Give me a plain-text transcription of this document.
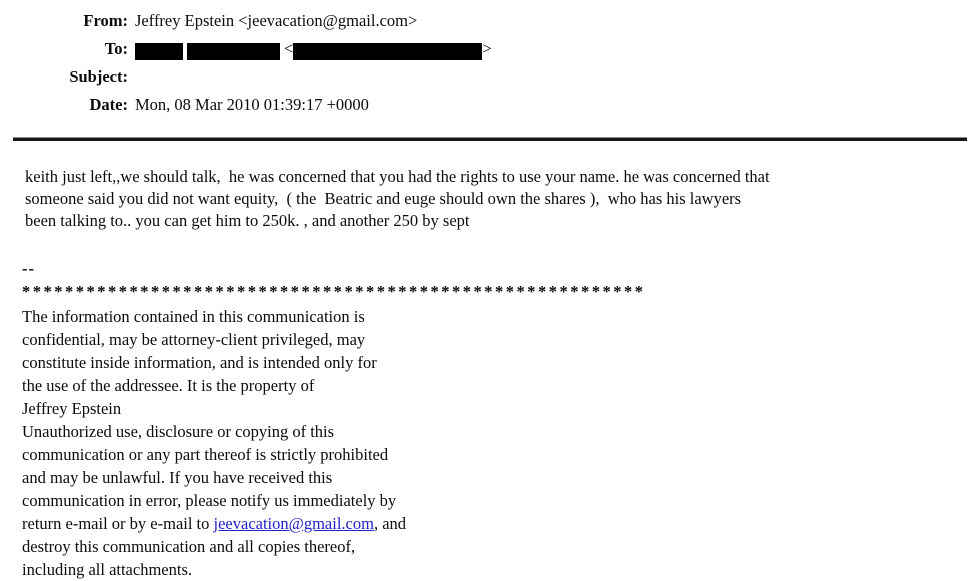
From: Jeffrey Epstein <jeevacation@gmail.com>
To:	<	>
Subject:
Date: Mon, 08 Mar 2010 01:39:17 +0000
keith just left,,we should talk,  he was concerned that you had the rights to use your name. he was concerned that
someone said you did not want equity,  ( the  Beatric and euge should own the shares ),  who has his lawyers
been talking to.. you can get him to 250k. , and another 250 by sept
--
**********************************************************
The information contained in this communication is
confidential, may be attorney-client privileged, may
constitute inside information, and is intended only for
the use of the addressee. It is the property of
Jeffrey Epstein
Unauthorized use, disclosure or copying of this
communication or any part thereof is strictly prohibited
and may be unlawful. If you have received this
communication in error, please notify us immediately by
return e-mail or by e-mail to jeevacation@gmail.com, and
destroy this communication and all copies thereof,
including all attachments.
